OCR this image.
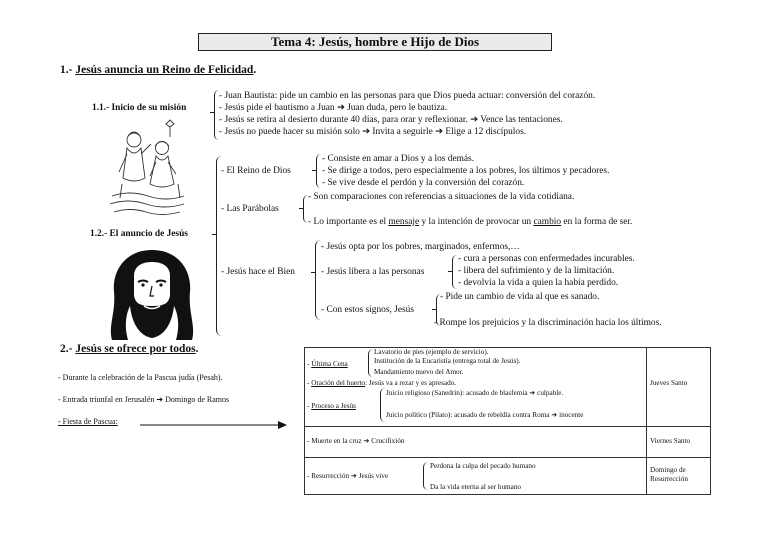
Tema 4: Jesús, hombre e Hijo de Dios
1.- Jesús anuncia un Reino de Felicidad.
1.1.- Inicio de su misión
- Juan Bautista: pide un cambio en las personas para que Dios pueda actuar: conversión del corazón.
- Jesús pide el bautismo a Juan ➔ Juan duda, pero le bautiza.
- Jesús se retira al desierto durante 40 días, para orar y reflexionar. ➔ Vence las tentaciones.
- Jesús no puede hacer su misión solo ➔ Invita a seguirle ➔ Elige a 12 discípulos.
1.2.- El anuncio de Jesús
- El Reino de Dios
- Consiste en amar a Dios y a los demás.
- Se dirige a todos, pero especialmente a los pobres, los últimos y pecadores.
- Se vive desde el perdón y la conversión del corazón.
- Las Parábolas
- Son comparaciones con referencias a situaciones de la vida cotidiana.
- Lo importante es el mensaje y la intención de provocar un cambio en la forma de ser.
- Jesús hace el Bien
- Jesús opta por los pobres, marginados, enfermos,…
- Jesús libera a las personas
- cura a personas con enfermedades incurables.
- libera del sufrimiento y de la limitación.
- devolvía la vida a quien la había perdido.
- Con estos signos, Jesús
- Pide un cambio de vida al que es sanado.
- Rompe los prejuicios y la discriminación hacia los últimos.
2.- Jesús se ofrece por todos.
- Durante la celebración de la Pascua judía (Pesah).
- Entrada triunfal en Jerusalén ➔ Domingo de Ramos
- Fiesta de Pascua:
- Última Cena
Lavatorio de pies (ejemplo de servicio).
Institución de la Eucaristía (entrega total de Jesús).
Mandamiento nuevo del Amor.
- Oración del huerto: Jesús va a rezar y es apresado.
- Proceso a Jesús
Juicio religioso (Sanedrín): acusado de blasfemia ➔ culpable.
Juicio político (Pilato): acusado de rebeldía contra Roma ➔ inocente
Jueves Santo
- Muerte en la cruz ➔ Crucifixión	Viernes Santo
- Resurrección ➔ Jesús vive
Perdona la culpa del pecado humano
Da la vida eterna al ser humano
Domingo de Resurrección
